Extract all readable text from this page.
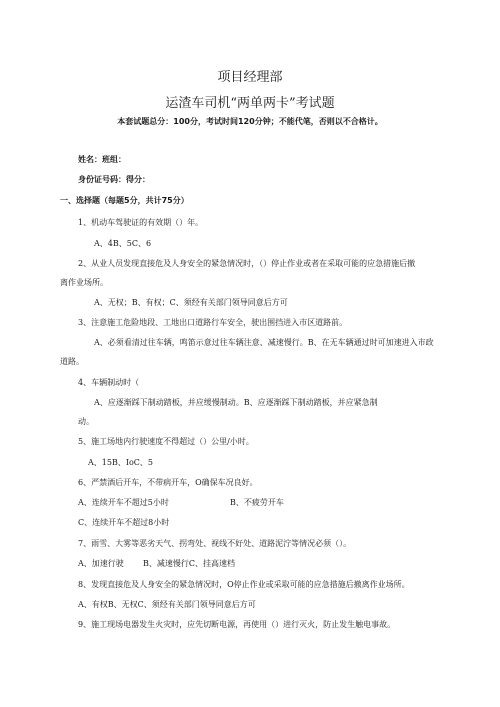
项目经理部
运渣车司机“两单两卡”考试题
本套试题总分：100分，考试时间120分钟；不能代笔，否则以不合格计。
姓名：班组：
身份证号码：得分：
一、选择题（每题5分，共计75分）
1、机动车驾驶证的有效期（）年。
A、4B、5C、6
2、从业人员发现直接危及人身安全的紧急情况时，（）停止作业或者在采取可能的应急措施后撤
离作业场所。
A、无权；B、有权；C、须经有关部门领导同意后方可
3、注意施工危险地段、工地出口道路行车安全，驶出围挡进入市区道路前。
A、必须看清过往车辆，鸣笛示意过往车辆注意、减速慢行。B、在无车辆通过时可加速进入市政
道路。
4、车辆制动时（
A、应逐渐踩下制动踏板，并应缓慢制动。B、应逐渐踩下制动踏板，并应紧急制
动。
5、施工场地内行驶速度不得超过（）公里/小时。
A、15B、IoC、5
6、严禁酒后开车，不带病开车，O确保车况良好。
A、连续开车不超过5小时	B、不疲劳开车
C、连续开车不超过8小时
7、雨雪、大雾等恶劣天气、拐弯处、视线不好处、道路泥泞等情况必须（）。
A、加速行驶 B、减速慢行C、挂高速档
8、发现直接危及人身安全的紧急情况时，O停止作业或采取可能的应急措施后撤离作业场所。
A、有权B、无权C、须经有关部门领导同意后方可
9、施工现场电器发生火灾时，应先切断电源，再使用（）进行灭火，防止发生触电事故。
